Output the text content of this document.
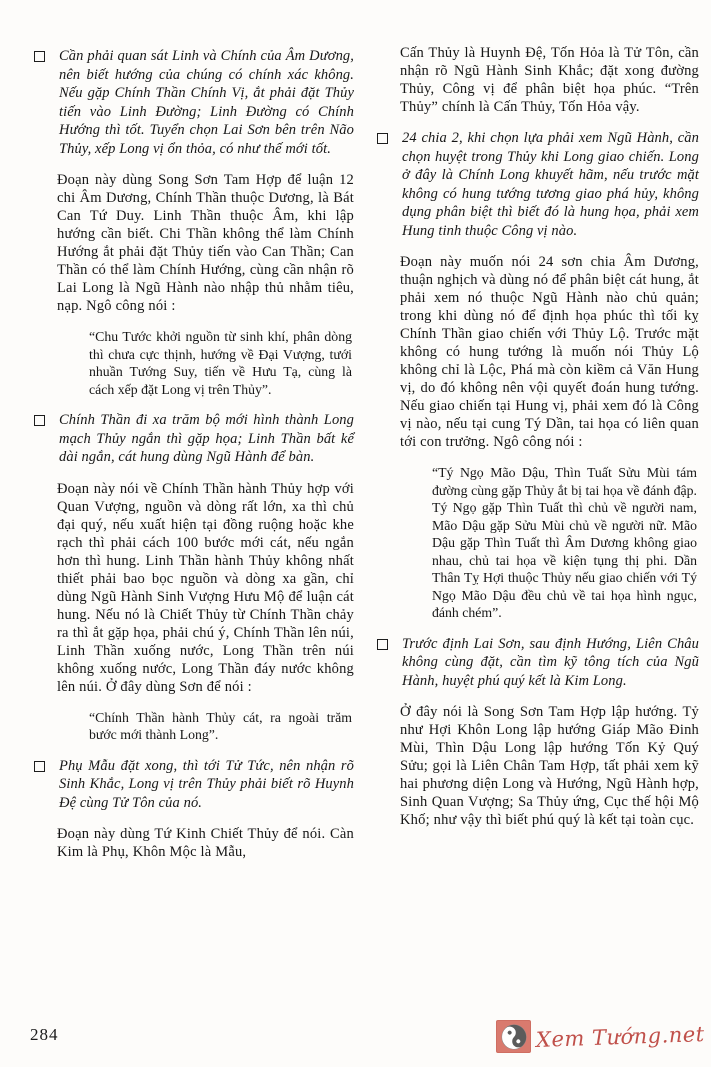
Cần phải quan sát Linh và Chính của Âm Dương, nên biết hướng của chúng có chính xác không. Nếu gặp Chính Thần Chính Vị, ắt phải đặt Thủy tiến vào Linh Đường; Linh Đường có Chính Hướng thì tốt. Tuyển chọn Lai Sơn bên trên Não Thủy, xếp Long vị ổn thỏa, có như thế mới tốt.
Đoạn này dùng Song Sơn Tam Hợp để luận 12 chi Âm Dương, Chính Thần thuộc Dương, là Bát Can Tứ Duy. Linh Thần thuộc Âm, khi lập hướng cần biết. Chi Thần không thể làm Chính Hướng ắt phải đặt Thủy tiến vào Can Thần; Can Thần có thể làm Chính Hướng, cùng cần nhận rõ Lai Long là Ngũ Hành nào nhập thủ nhằm tiêu, nạp. Ngô công nói :
“Chu Tước khởi nguồn từ sinh khí, phân dòng thì chưa cực thịnh, hướng về Đại Vượng, tưới nhuần Tướng Suy, tiến về Hưu Tạ, cùng là cách xếp đặt Long vị trên Thủy”.
Chính Thần đi xa trăm bộ mới hình thành Long mạch Thủy ngắn thì gặp họa; Linh Thần bất kể dài ngắn, cát hung dùng Ngũ Hành để bàn.
Đoạn này nói về Chính Thần hành Thủy hợp với Quan Vượng, nguồn và dòng rất lớn, xa thì chủ đại quý, nếu xuất hiện tại đồng ruộng hoặc khe rạch thì phải cách 100 bước mới cát, nếu ngắn hơn thì hung. Linh Thần hành Thủy không nhất thiết phải bao bọc nguồn và dòng xa gần, chỉ dùng Ngũ Hành Sinh Vượng Hưu Mộ để luận cát hung. Nếu nó là Chiết Thủy từ Chính Thần chảy ra thì ắt gặp họa, phải chú ý, Chính Thần lên núi, Linh Thần xuống nước, Long Thần trên núi không xuống nước, Long Thần đáy nước không lên núi. Ở đây dùng Sơn để nói :
“Chính Thần hành Thủy cát, ra ngoài trăm bước mới thành Long”.
Phụ Mẫu đặt xong, thì tới Tử Tức, nên nhận rõ Sinh Khắc, Long vị trên Thủy phải biết rõ Huynh Đệ cùng Tử Tôn của nó.
Đoạn này dùng Tứ Kinh Chiết Thủy để nói. Càn Kim là Phụ, Khôn Mộc là Mẫu,
Cấn Thủy là Huynh Đệ, Tốn Hỏa là Tử Tôn, cần nhận rõ Ngũ Hành Sinh Khắc; đặt xong đường Thủy, Công vị để phân biệt họa phúc. “Trên Thủy” chính là Cấn Thủy, Tốn Hỏa vậy.
24 chia 2, khi chọn lựa phải xem Ngũ Hành, cần chọn huyệt trong Thủy khi Long giao chiến. Long ở đây là Chính Long khuyết hãm, nếu trước mặt không có hung tướng tương giao phá hủy, không dụng phân biệt thì biết đó là hung họa, phải xem Hung tinh thuộc Công vị nào.
Đoạn này muốn nói 24 sơn chia Âm Dương, thuận nghịch và dùng nó để phân biệt cát hung, ắt phải xem nó thuộc Ngũ Hành nào chủ quản; trong khi dùng nó để định họa phúc thì tối kỵ Chính Thần giao chiến với Thủy Lộ. Trước mặt không có hung tướng là muốn nói Thủy Lộ không chỉ là Lộc, Phá mà còn kiềm cả Văn Hung vị, do đó không nên vội quyết đoán hung tướng. Nếu giao chiến tại Hung vị, phải xem đó là Công vị nào, nếu tại cung Tý Dần, tai họa có liên quan tới con trưởng. Ngô công nói :
“Tý Ngọ Mão Dậu, Thìn Tuất Sửu Mùi tám đường cùng gặp Thủy ắt bị tai họa về đánh đập. Tý Ngọ gặp Thìn Tuất thì chủ về người nam, Mão Dậu gặp Sửu Mùi chủ về người nữ. Mão Dậu gặp Thìn Tuất thì Âm Dương không giao nhau, chủ tai họa về kiện tụng thị phi. Dần Thân Tỵ Hợi thuộc Thủy nếu giao chiến với Tý Ngọ Mão Dậu đều chủ về tai họa hình ngục, đánh chém”.
Trước định Lai Sơn, sau định Hướng, Liên Châu không cùng đặt, cần tìm kỹ tông tích của Ngũ Hành, huyệt phú quý kết là Kim Long.
Ở đây nói là Song Sơn Tam Hợp lập hướng. Tỷ như Hợi Khôn Long lập hướng Giáp Mão Đinh Mùi, Thìn Dậu Long lập hướng Tốn Kỷ Quý Sửu; gọi là Liên Chân Tam Hợp, tất phải xem kỹ hai phương diện Long và Hướng, Ngũ Hành hợp, Sinh Quan Vượng; Sa Thủy ứng, Cục thế hội Mộ Khố; như vậy thì biết phú quý là kết tại toàn cục.
284	Xem Tướng.net
